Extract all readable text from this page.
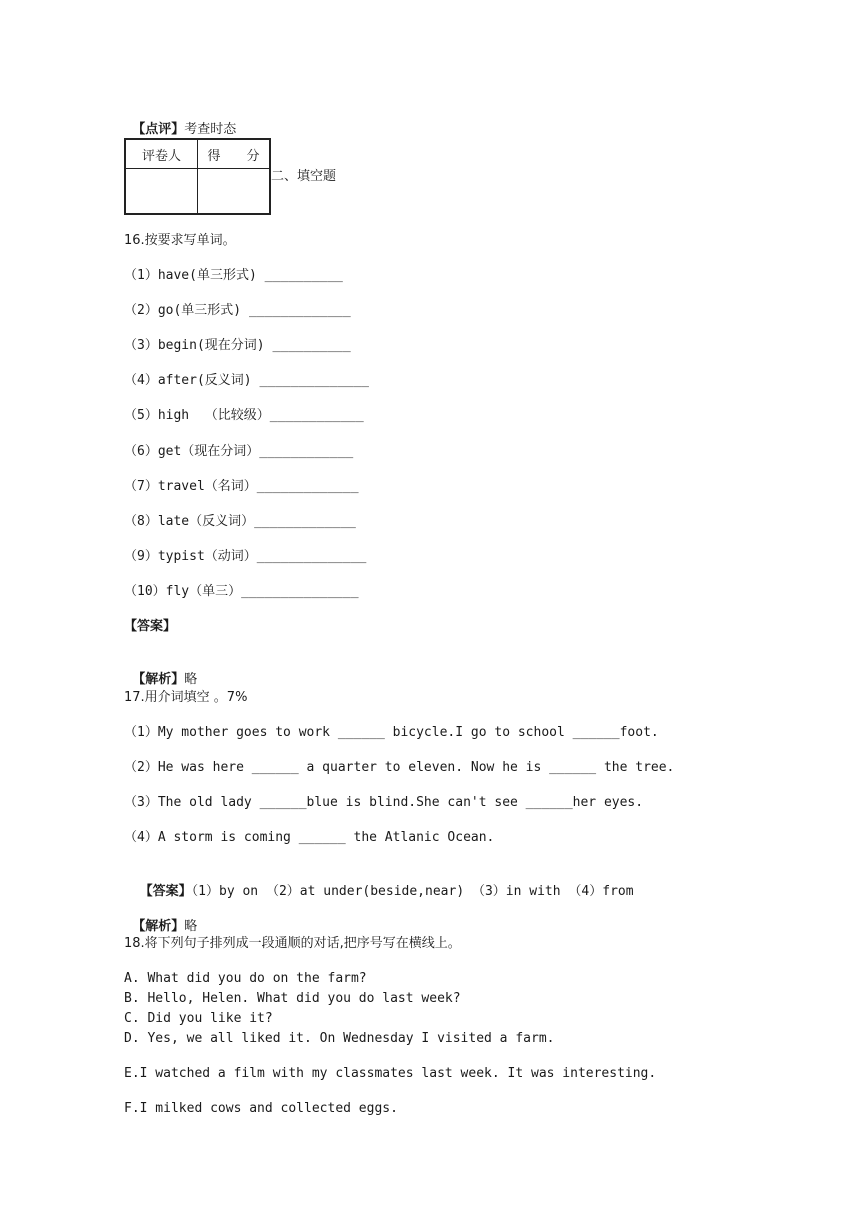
【点评】考查时态

评卷人	得　　分

二、填空题
16.按要求写单词。
（1）have(单三形式) __________
（2）go(单三形式) _____________
（3）begin(现在分词) __________
（4）after(反义词) ______________
（5）high  （比较级）____________
（6）get（现在分词）____________
（7）travel（名词）_____________
（8）late（反义词）_____________
（9）typist（动词）______________
（10）fly（单三）_______________
【答案】

【解析】略

17.用介词填空 。7%
（1）My mother goes to work ______ bicycle.I go to school ______foot.
（2）He was here ______ a quarter to eleven. Now he is ______ the tree.
（3）The old lady ______blue is blind.She can't see ______her eyes.
（4）A storm is coming ______ the Atlanic Ocean.

【答案】（1）by on （2）at under(beside,near) （3）in with （4）from

【解析】略

18.将下列句子排列成一段通顺的对话,把序号写在横线上。
A. What did you do on the farm?
B. Hello, Helen. What did you do last week?
C. Did you like it?
D. Yes, we all liked it. On Wednesday I visited a farm.
E.I watched a film with my classmates last week. It was interesting.
F.I milked cows and collected eggs.
